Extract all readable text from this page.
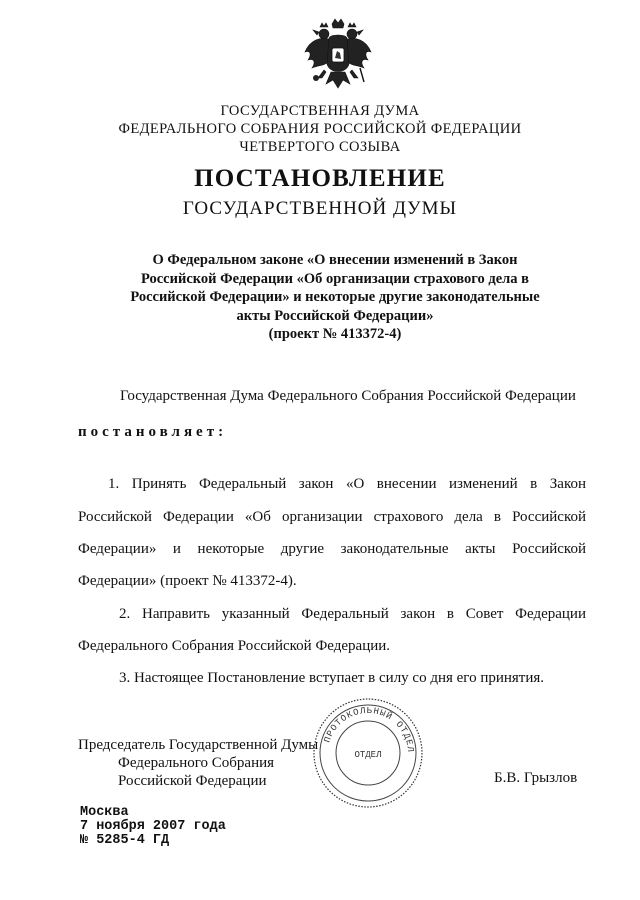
ГОСУДАРСТВЕННАЯ ДУМА
ФЕДЕРАЛЬНОГО СОБРАНИЯ РОССИЙСКОЙ ФЕДЕРАЦИИ
ЧЕТВЕРТОГО СОЗЫВА
ПОСТАНОВЛЕНИЕ
ГОСУДАРСТВЕННОЙ ДУМЫ
О Федеральном законе «О внесении изменений в Закон
Российской Федерации «Об организации страхового дела в
Российской Федерации» и некоторые другие законодательные
акты Российской Федерации»
(проект № 413372-4)
Государственная Дума Федерального Собрания Российской Федерации
постановляет:
1. Принять Федеральный закон «О внесении изменений в Закон
Российской Федерации «Об организации страхового дела в Российской
Федерации» и некоторые другие законодательные акты Российской
Федерации» (проект № 413372-4).
2. Направить указанный Федеральный закон в Совет Федерации
Федерального Собрания Российской Федерации.
3. Настоящее Постановление вступает в силу со дня его принятия.
Председатель Государственной Думы
Федерального Собрания
Российской Федерации	Б.В. Грызлов
ПРОТОКОЛЬНЫЙ ОТДЕЛ
ОТДЕЛ
Москва
7 ноября 2007 года
№ 5285-4 ГД
